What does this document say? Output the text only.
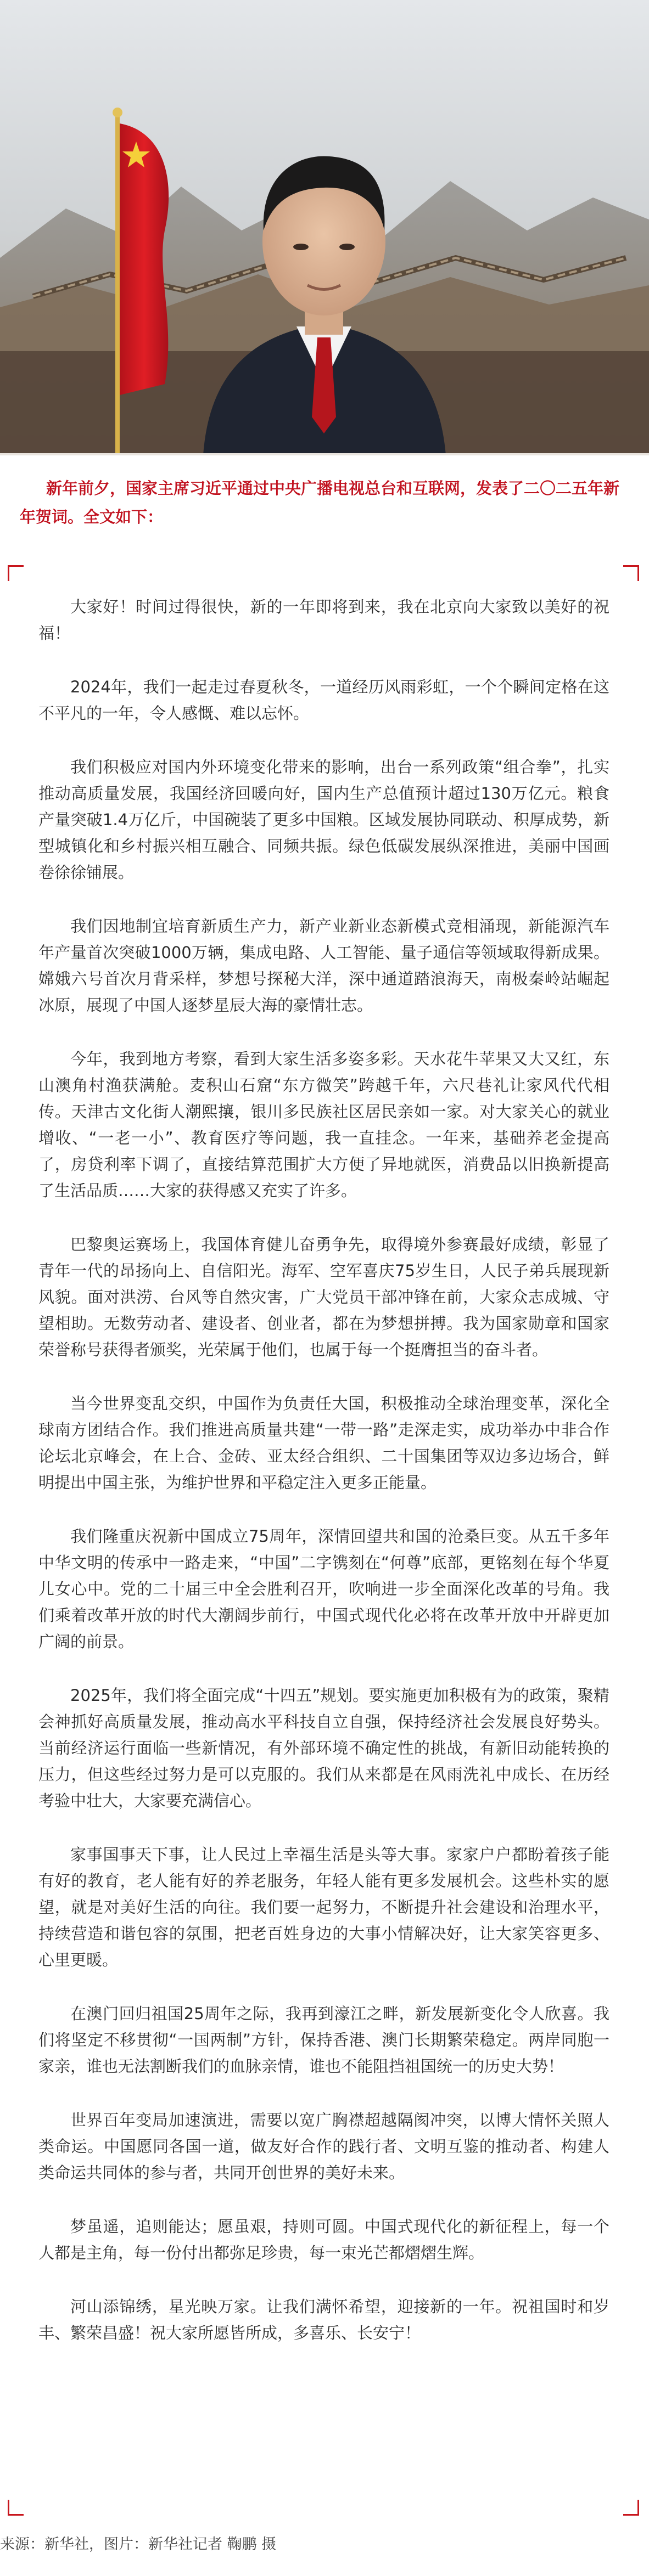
新年前夕，国家主席习近平通过中央广播电视总台和互联网，发表了二〇二五年新年贺词。全文如下：

大家好！时间过得很快，新的一年即将到来，我在北京向大家致以美好的祝福！

2024年，我们一起走过春夏秋冬，一道经历风雨彩虹，一个个瞬间定格在这不平凡的一年，令人感慨、难以忘怀。

我们积极应对国内外环境变化带来的影响，出台一系列政策“组合拳”，扎实推动高质量发展，我国经济回暖向好，国内生产总值预计超过130万亿元。粮食产量突破1.4万亿斤，中国碗装了更多中国粮。区域发展协同联动、积厚成势，新型城镇化和乡村振兴相互融合、同频共振。绿色低碳发展纵深推进，美丽中国画卷徐徐铺展。

我们因地制宜培育新质生产力，新产业新业态新模式竞相涌现，新能源汽车年产量首次突破1000万辆，集成电路、人工智能、量子通信等领域取得新成果。嫦娥六号首次月背采样，梦想号探秘大洋，深中通道踏浪海天，南极秦岭站崛起冰原，展现了中国人逐梦星辰大海的豪情壮志。

今年，我到地方考察，看到大家生活多姿多彩。天水花牛苹果又大又红，东山澳角村渔获满舱。麦积山石窟“东方微笑”跨越千年，六尺巷礼让家风代代相传。天津古文化街人潮熙攘，银川多民族社区居民亲如一家。对大家关心的就业增收、“一老一小”、教育医疗等问题，我一直挂念。一年来，基础养老金提高了，房贷利率下调了，直接结算范围扩大方便了异地就医，消费品以旧换新提高了生活品质……大家的获得感又充实了许多。

巴黎奥运赛场上，我国体育健儿奋勇争先，取得境外参赛最好成绩，彰显了青年一代的昂扬向上、自信阳光。海军、空军喜庆75岁生日，人民子弟兵展现新风貌。面对洪涝、台风等自然灾害，广大党员干部冲锋在前，大家众志成城、守望相助。无数劳动者、建设者、创业者，都在为梦想拼搏。我为国家勋章和国家荣誉称号获得者颁奖，光荣属于他们，也属于每一个挺膺担当的奋斗者。

当今世界变乱交织，中国作为负责任大国，积极推动全球治理变革，深化全球南方团结合作。我们推进高质量共建“一带一路”走深走实，成功举办中非合作论坛北京峰会，在上合、金砖、亚太经合组织、二十国集团等双边多边场合，鲜明提出中国主张，为维护世界和平稳定注入更多正能量。

我们隆重庆祝新中国成立75周年，深情回望共和国的沧桑巨变。从五千多年中华文明的传承中一路走来，“中国”二字镌刻在“何尊”底部，更铭刻在每个华夏儿女心中。党的二十届三中全会胜利召开，吹响进一步全面深化改革的号角。我们乘着改革开放的时代大潮阔步前行，中国式现代化必将在改革开放中开辟更加广阔的前景。

2025年，我们将全面完成“十四五”规划。要实施更加积极有为的政策，聚精会神抓好高质量发展，推动高水平科技自立自强，保持经济社会发展良好势头。当前经济运行面临一些新情况，有外部环境不确定性的挑战，有新旧动能转换的压力，但这些经过努力是可以克服的。我们从来都是在风雨洗礼中成长、在历经考验中壮大，大家要充满信心。

家事国事天下事，让人民过上幸福生活是头等大事。家家户户都盼着孩子能有好的教育，老人能有好的养老服务，年轻人能有更多发展机会。这些朴实的愿望，就是对美好生活的向往。我们要一起努力，不断提升社会建设和治理水平，持续营造和谐包容的氛围，把老百姓身边的大事小情解决好，让大家笑容更多、心里更暖。

在澳门回归祖国25周年之际，我再到濠江之畔，新发展新变化令人欣喜。我们将坚定不移贯彻“一国两制”方针，保持香港、澳门长期繁荣稳定。两岸同胞一家亲，谁也无法割断我们的血脉亲情，谁也不能阻挡祖国统一的历史大势！

世界百年变局加速演进，需要以宽广胸襟超越隔阂冲突，以博大情怀关照人类命运。中国愿同各国一道，做友好合作的践行者、文明互鉴的推动者、构建人类命运共同体的参与者，共同开创世界的美好未来。

梦虽遥，追则能达；愿虽艰，持则可圆。中国式现代化的新征程上，每一个人都是主角，每一份付出都弥足珍贵，每一束光芒都熠熠生辉。

河山添锦绣，星光映万家。让我们满怀希望，迎接新的一年。祝祖国时和岁丰、繁荣昌盛！祝大家所愿皆所成，多喜乐、长安宁！

来源：新华社，图片：新华社记者 鞠鹏 摄
